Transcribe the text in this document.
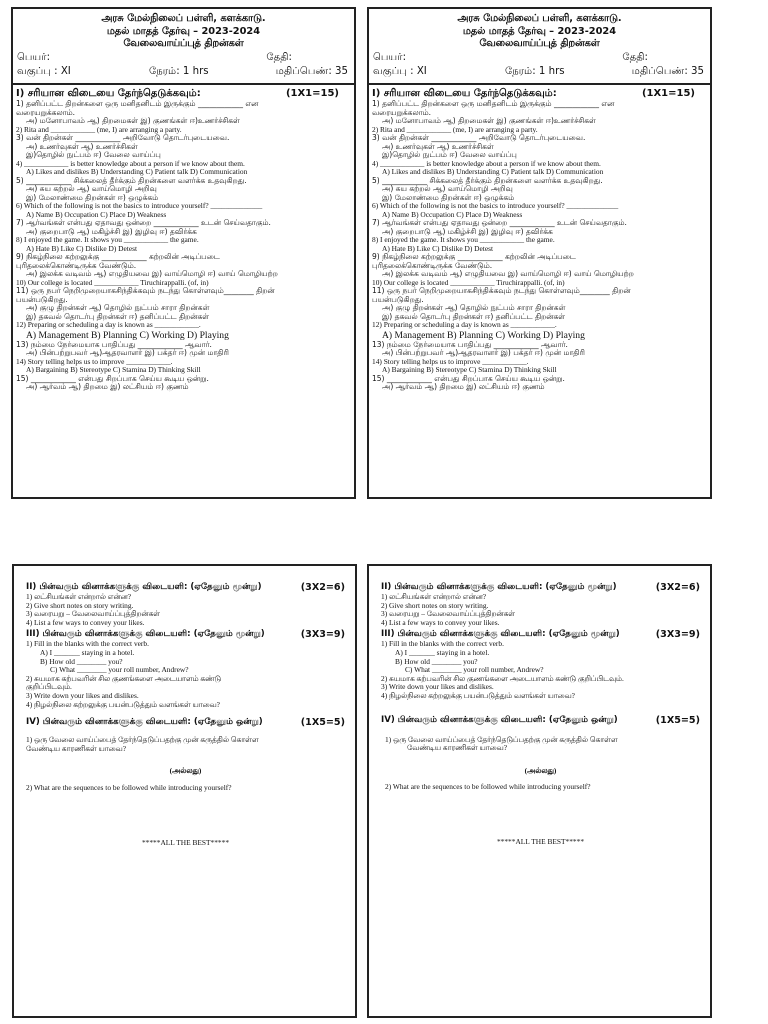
அரசு மேல்நிலைப் பள்ளி, களக்காடு.
மதல் மாதத் தேர்வு – 2023-2024
வேலைவாய்ப்புத் திறன்கள்
பெயர்:	தேதி:
வகுப்பு : XI	நேரம்: 1 hrs	மதிப்பெண்: 35
I) சரியான விடையை தேர்ந்தெடுக்கவும்:	(1X1=15)
1) தனிப்பட்ட திறன்களை ஒரு மனிதனிடம் இருக்கும் ____________ என
வரையறுக்கலாம்.
அ) மனோபாவம் ஆ) திறமைகள் இ) குணங்கள் ஈ)உணர்ச்சிகள்
2) Rita and ____________ (me, I) are arranging a party.
3) வன் திறன்கள் ____________ அறிவோடு தொடர்புடையவை.
அ) உணர்வுகள் ஆ) உணர்ச்சிகள்
இ)தொழில் நுட்பம் ஈ) வேலை வாய்ப்பு
4) ____________ is better knowledge about a person if we know about them.
A) Likes and dislikes B) Understanding C) Patient talk D) Communication
5) ____________ சிக்கலைத் தீர்க்கும் திறன்களை வளர்க்க உதவுகிறது.
அ) சுய கற்றல் ஆ) வாய்மொழி அறிவு
இ) மேலாண்மை திறன்கள் ஈ) ஒழுக்கம்
6) Which of the following is not the basics to introduce yourself? ______________
A) Name B) Occupation C) Place D) Weakness
7) ஆர்வங்கள் என்பது ஏதாவது ஒன்றை ____________ உடன் செய்வதாகும்.
அ) குறைபாடு ஆ) மகிழ்ச்சி இ) இழிவு ஈ) தவிர்க்க
8) I enjoyed the game. It shows you ____________ the game.
A) Hate B) Like C) Dislike D) Detest
9) நிகழ்நிலை கற்றலுக்கு ____________ கற்றலின் அடிப்படை
புரிதலைக்கொண்டிருக்க வேண்டும்.
அ) இலக்க வடிவம் ஆ) எழுதியவை இ) வாய்மொழி ஈ) வாய் மொழியற்ற
10) Our college is located ____________ Tiruchirappalli. (of, in)
11) ஒரு நபர் நெறிமுறையாகசிந்திக்கவும் நடந்து கொள்ளவும்________ திறன்
பயன்படுகிறது.
அ) குழு திறன்கள் ஆ) தொழில் நுட்பம் சாரா திறன்கள்
இ) தகவல் தொடர்பு திறன்கள் ஈ) தனிப்பட்ட திறன்கள்
12) Preparing or scheduling a day is known as ____________.
A) Management B) Planning C) Working D) Playing
13) நம்மை நேர்மையாக பாதிப்பது ____________ ஆவார்.
அ) பின்பற்றுபவர் ஆ)ஆதரவாளர் இ) பக்தர் ஈ) முன் மாதிரி
14) Story telling helps us to improve ____________.
A) Bargaining B) Stereotype C) Stamina D) Thinking Skill
15) ____________ என்பது சிறப்பாக செய்ய கூடிய ஒன்று.
அ) ஆர்வம் ஆ) திறமை இ) லட்சியம் ஈ) குணம்
அரசு மேல்நிலைப் பள்ளி, களக்காடு.
மதல் மாதத் தேர்வு – 2023-2024
வேலைவாய்ப்புத் திறன்கள்
பெயர்:	தேதி:
வகுப்பு : XI	நேரம்: 1 hrs	மதிப்பெண்: 35
I) சரியான விடையை தேர்ந்தெடுக்கவும்:	(1X1=15)
1) தனிப்பட்ட திறன்களை ஒரு மனிதனிடம் இருக்கும் ____________ என
வரையறுக்கலாம்.
அ) மனோபாவம் ஆ) திறமைகள் இ) குணங்கள் ஈ)உணர்ச்சிகள்
2) Rita and ____________ (me, I) are arranging a party.
3) வன் திறன்கள் ____________ அறிவோடு தொடர்புடையவை.
அ) உணர்வுகள் ஆ) உணர்ச்சிகள்
இ)தொழில் நுட்பம் ஈ) வேலை வாய்ப்பு
4) ____________ is better knowledge about a person if we know about them.
A) Likes and dislikes B) Understanding C) Patient talk D) Communication
5) ____________ சிக்கலைத் தீர்க்கும் திறன்களை வளர்க்க உதவுகிறது.
அ) சுய கற்றல் ஆ) வாய்மொழி அறிவு
இ) மேலாண்மை திறன்கள் ஈ) ஒழுக்கம்
6) Which of the following is not the basics to introduce yourself? ______________
A) Name B) Occupation C) Place D) Weakness
7) ஆர்வங்கள் என்பது ஏதாவது ஒன்றை ____________ உடன் செய்வதாகும்.
அ) குறைபாடு ஆ) மகிழ்ச்சி இ) இழிவு ஈ) தவிர்க்க
8) I enjoyed the game. It shows you ____________ the game.
A) Hate B) Like C) Dislike D) Detest
9) நிகழ்நிலை கற்றலுக்கு ____________ கற்றலின் அடிப்படை
புரிதலைக்கொண்டிருக்க வேண்டும்.
அ) இலக்க வடிவம் ஆ) எழுதியவை இ) வாய்மொழி ஈ) வாய் மொழியற்ற
10) Our college is located ____________ Tiruchirappalli. (of, in)
11) ஒரு நபர் நெறிமுறையாகசிந்திக்கவும் நடந்து கொள்ளவும்________ திறன்
பயன்படுகிறது.
அ) குழு திறன்கள் ஆ) தொழில் நுட்பம் சாரா திறன்கள்
இ) தகவல் தொடர்பு திறன்கள் ஈ) தனிப்பட்ட திறன்கள்
12) Preparing or scheduling a day is known as ____________.
A) Management B) Planning C) Working D) Playing
13) நம்மை நேர்மையாக பாதிப்பது ____________ ஆவார்.
அ) பின்பற்றுபவர் ஆ)ஆதரவாளர் இ) பக்தர் ஈ) முன் மாதிரி
14) Story telling helps us to improve ____________.
A) Bargaining B) Stereotype C) Stamina D) Thinking Skill
15) ____________ என்பது சிறப்பாக செய்ய கூடிய ஒன்று.
அ) ஆர்வம் ஆ) திறமை இ) லட்சியம் ஈ) குணம்
II) பின்வரும் வினாக்களுக்கு விடையளி: (ஏதேனும் மூன்று)	(3X2=6)
1) லட்சியங்கள் என்றால் என்ன?
2) Give short notes on story writing.
3) வரையறு – வேலைவாய்ப்புத்திறன்கள்
4) List a few ways to convey your likes.
III) பின்வரும் வினாக்களுக்கு விடையளி: (ஏதேனும் மூன்று)	(3X3=9)
1) Fill in the blanks with the correct verb.
A) I _______ staying in a hotel.
B) How old ________ you?
C) What ________ your roll number, Andrew?
2) சுயமாக கற்பவரின் சில குணங்களை அடையாளம் கண்டு
குறிப்பிடவும்.
3) Write down your likes and dislikes.
4) நிழல்நிலை கற்றலுக்கு பயன்படுத்தும் வளங்கள் யாவை?
IV) பின்வரும் வினாக்களுக்கு விடையளி: (ஏதேனும் ஒன்று)	(1X5=5)
1) ஒரு வேலை வாய்ப்பைத் தேர்ந்தெடுப்பதற்கு முன் கருத்தில் கொள்ள
வேண்டிய காரணிகள் யாவை?
(அல்லது)
2) What are the sequences to be followed while introducing yourself?
*****ALL THE BEST*****
II) பின்வரும் வினாக்களுக்கு விடையளி: (ஏதேனும் மூன்று)	(3X2=6)
1) லட்சியங்கள் என்றால் என்ன?
2) Give short notes on story writing.
3) வரையறு – வேலைவாய்ப்புத்திறன்கள்
4) List a few ways to convey your likes.
III) பின்வரும் வினாக்களுக்கு விடையளி: (ஏதேனும் மூன்று)	(3X3=9)
1) Fill in the blanks with the correct verb.
A) I _______ staying in a hotel.
B) How old ________ you?
C) What ________ your roll number, Andrew?
2) சுயமாக கற்பவரின் சில குணங்களை அடையாளம் கண்டு குறிப்பிடவும்.
3) Write down your likes and dislikes.
4) நிழல்நிலை கற்றலுக்கு பயன்படுத்தும் வளங்கள் யாவை?
IV) பின்வரும் வினாக்களுக்கு விடையளி: (ஏதேனும் ஒன்று)	(1X5=5)
1) ஒரு வேலை வாய்ப்பைத் தேர்ந்தெடுப்பதற்கு முன் கருத்தில் கொள்ள
வேண்டிய காரணிகள் யாவை?
(அல்லது)
2) What are the sequences to be followed while introducing yourself?
*****ALL THE BEST*****
